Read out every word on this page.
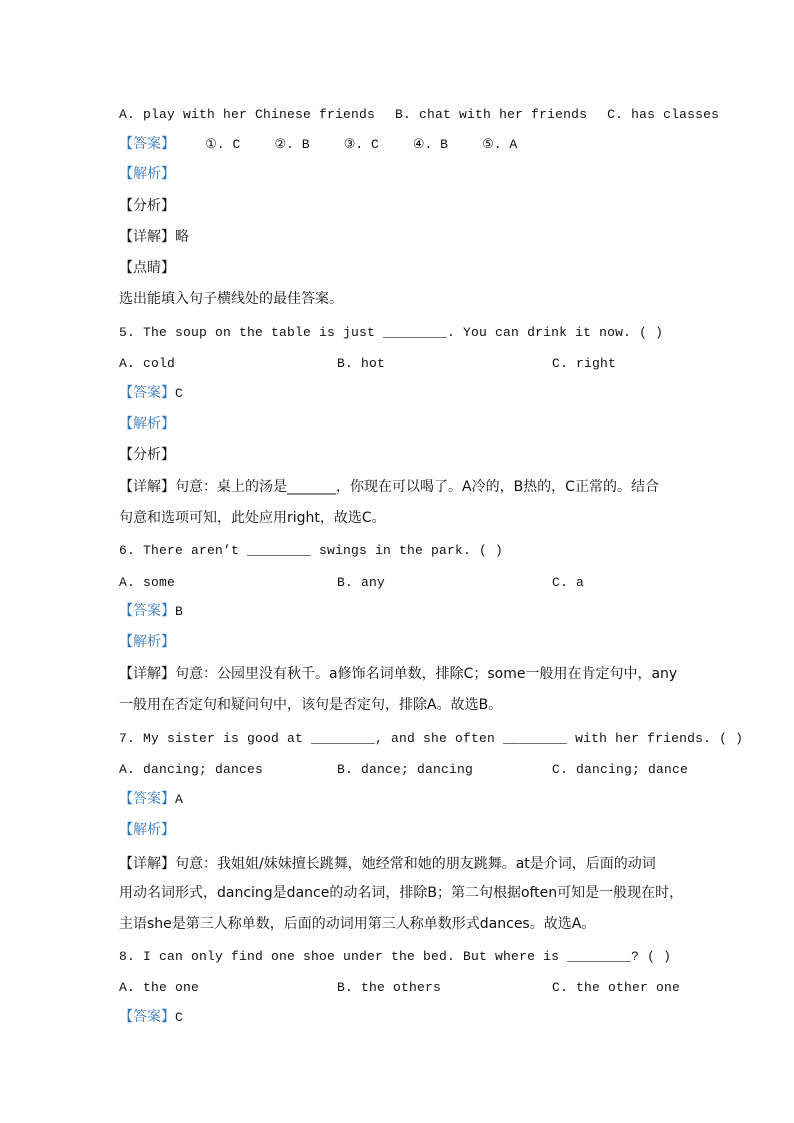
A. play with her Chinese friends B. chat with her friends C. has classes
【答案】 ①. C	②. B	③. C	④. B	⑤. A
【解析】
【分析】
【详解】略
【点睛】
选出能填入句子横线处的最佳答案。
5. The soup on the table is just ________. You can drink it now. ( )
A. cold	B. hot	C. right
【答案】C
【解析】
【分析】
【详解】句意：桌上的汤是_______，你现在可以喝了。A冷的，B热的，C正常的。结合
句意和选项可知，此处应用right，故选C。
6. There aren’t ________ swings in the park. ( )
A. some	B. any	C. a
【答案】B
【解析】
【详解】句意：公园里没有秋千。a修饰名词单数，排除C；some一般用在肯定句中，any
一般用在否定句和疑问句中，该句是否定句，排除A。故选B。
7. My sister is good at ________, and she often ________ with her friends. ( )
A. dancing; dances	B. dance; dancing	C. dancing; dance
【答案】A
【解析】
【详解】句意：我姐姐/妹妹擅长跳舞，她经常和她的朋友跳舞。at是介词，后面的动词
用动名词形式，dancing是dance的动名词，排除B；第二句根据often可知是一般现在时，
主语she是第三人称单数，后面的动词用第三人称单数形式dances。故选A。
8. I can only find one shoe under the bed. But where is ________? ( )
A. the one	B. the others	C. the other one
【答案】C
